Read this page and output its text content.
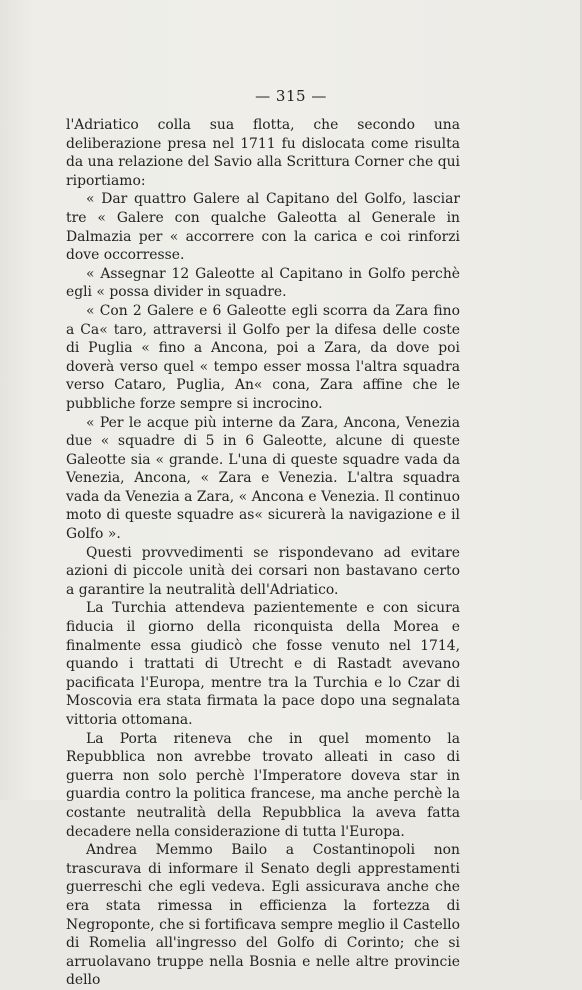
— 315 —

l'Adriatico colla sua flotta, che secondo una deliberazione presa nel 1711 fu dislocata come risulta da una relazione del Savio alla Scrittura Corner che qui riportiamo:

« Dar quattro Galere al Capitano del Golfo, lasciar tre « Galere con qualche Galeotta al Generale in Dalmazia per « accorrere con la carica e coi rinforzi dove occorresse.

« Assegnar 12 Galeotte al Capitano in Golfo perchè egli « possa divider in squadre.

« Con 2 Galere e 6 Galeotte egli scorra da Zara fino a Ca« taro, attraversi il Golfo per la difesa delle coste di Puglia « fino a Ancona, poi a Zara, da dove poi doverà verso quel « tempo esser mossa l'altra squadra verso Cataro, Puglia, An« cona, Zara affine che le pubbliche forze sempre si incrocino.

« Per le acque più interne da Zara, Ancona, Venezia due « squadre di 5 in 6 Galeotte, alcune di queste Galeotte sia « grande. L'una di queste squadre vada da Venezia, Ancona, « Zara e Venezia. L'altra squadra vada da Venezia a Zara, « Ancona e Venezia. Il continuo moto di queste squadre as« sicurerà la navigazione e il Golfo ».

Questi provvedimenti se rispondevano ad evitare azioni di piccole unità dei corsari non bastavano certo a garantire la neutralità dell'Adriatico.

La Turchia attendeva pazientemente e con sicura fiducia il giorno della riconquista della Morea e finalmente essa giudicò che fosse venuto nel 1714, quando i trattati di Utrecht e di Rastadt avevano pacificata l'Europa, mentre tra la Turchia e lo Czar di Moscovia era stata firmata la pace dopo una segnalata vittoria ottomana.

La Porta riteneva che in quel momento la Repubblica non avrebbe trovato alleati in caso di guerra non solo perchè l'Imperatore doveva star in guardia contro la politica francese, ma anche perchè la costante neutralità della Repubblica la aveva fatta decadere nella considerazione di tutta l'Europa.

Andrea Memmo Bailo a Costantinopoli non trascurava di informare il Senato degli apprestamenti guerreschi che egli vedeva. Egli assicurava anche che era stata rimessa in efficienza la fortezza di Negroponte, che si fortificava sempre meglio il Castello di Romelia all'ingresso del Golfo di Corinto; che si arruolavano truppe nella Bosnia e nelle altre provincie dello
